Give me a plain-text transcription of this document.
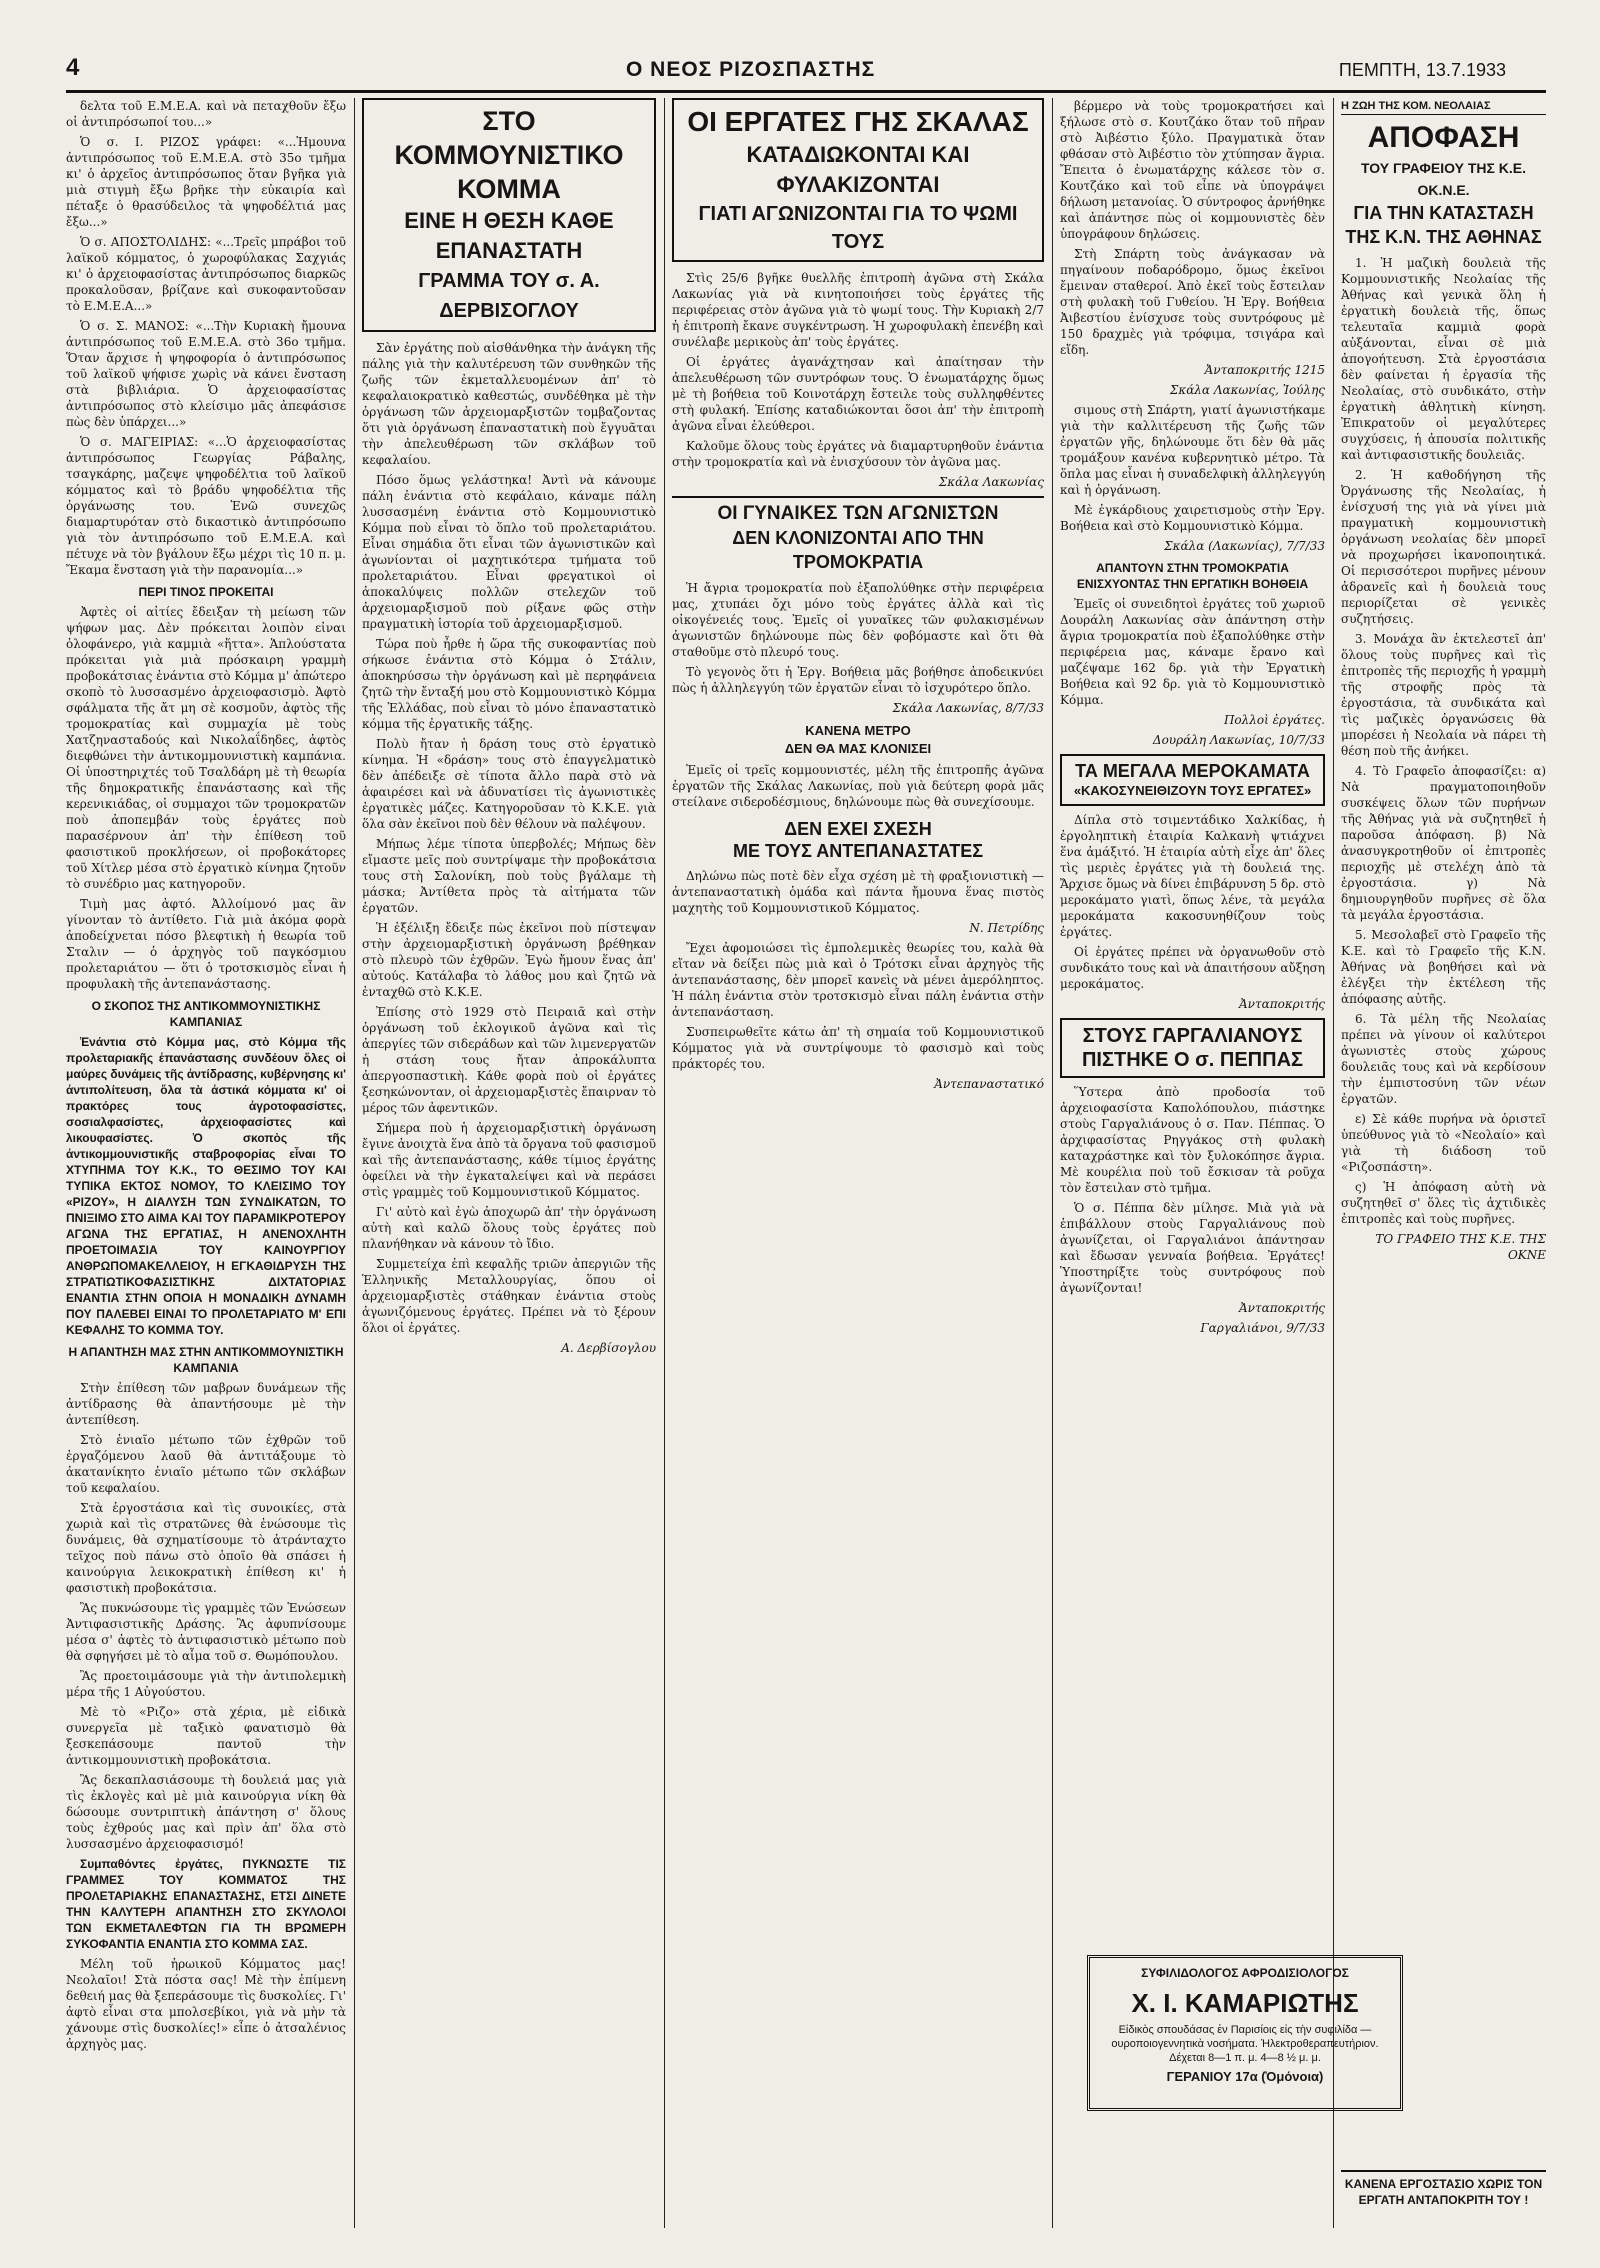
4	Ο ΝΕΟΣ ΡΙΖΟΣΠΑΣΤΗΣ	ΠΕΜΠΤΗ, 13.7.1933

δελτα τοῦ Ε.Μ.Ε.Α. καὶ νὰ πεταχθοῦν ἔξω οἱ ἀντιπρόσωποί του...»

Ὁ σ. Ι. ΡΙΖΟΣ γράφει: «...Ἡμουνα ἀντιπρόσωπος τοῦ Ε.Μ.Ε.Α. στὸ 35ο τμῆμα κι' ὁ ἀρχεῖος ἀντιπρόσωπος ὅταν βγῆκα γιὰ μιὰ στιγμὴ ἔξω βρῆκε τὴν εὐκαιρία καὶ πέταξε ὁ θρασύδειλος τὰ ψηφοδέλτιά μας ἔξω...»

Ὁ σ. ΑΠΟΣΤΟΛΙΔΗΣ: «...Τρεῖς μπράβοι τοῦ λαϊκοῦ κόμματος, ὁ χωροφύλακας Σαχγιάς κι' ὁ ἀρχειοφασίστας ἀντιπρόσωπος διαρκῶς προκαλοῦσαν, βρίζανε καὶ συκοφαντοῦσαν τὸ Ε.Μ.Ε.Α...»

Ὁ σ. Σ. ΜΑΝΟΣ: «...Τὴν Κυριακὴ ἤμουνα ἀντιπρόσωπος τοῦ Ε.Μ.Ε.Α. στὸ 36ο τμῆμα. Ὅταν ἄρχισε ἡ ψηφοφορία ὁ ἀντιπρόσωπος τοῦ λαϊκοῦ ψήφισε χωρὶς νὰ κάνει ἔνσταση στὰ βιβλιάρια. Ὁ ἀρχειοφασίστας ἀντιπρόσωπος στὸ κλείσιμο μᾶς ἀπεφάσισε πὼς δὲν ὑπάρχει...»

Ὁ σ. ΜΑΓΕΙΡΙΑΣ: «...Ὁ ἀρχειοφασίστας ἀντιπρόσωπος Γεωργίας Ράβαλης, τσαγκάρης, μαζεψε ψηφοδέλτια τοῦ λαϊκοῦ κόμματος καὶ τὸ βράδυ ψηφοδέλτια τῆς ὀργάνωσης του. Ἐνῶ συνεχῶς διαμαρτυρόταν στὸ δικαστικὸ ἀντιπρόσωπο γιὰ τὸν ἀντιπρόσωπο τοῦ Ε.Μ.Ε.Α. καὶ πέτυχε νὰ τὸν βγάλουν ἔξω μέχρι τὶς 10 π. μ. Ἔκαμα ἔνσταση γιὰ τὴν παρανομία...»

ΠΕΡΙ ΤΙΝΟΣ ΠΡΟΚΕΙΤΑΙ

Ἀφτὲς οἱ αἰτίες ἔδειξαν τὴ μείωση τῶν ψήφων μας. Δὲν πρόκειται λοιπὸν εἰναι ὁλοφάνερο, γιὰ καμμιὰ «ἥττα». Ἁπλούστατα πρόκειται γιὰ μιὰ πρόσκαιρη γραμμὴ προβοκάτσιας ἐνάντια στὸ Κόμμα μ' ἀπώτερο σκοπὸ τὸ λυσσασμένο ἀρχειοφασισμὸ. Ἀφτὸ σφάλματα τῆς ἄτ μη σὲ κοσμοῦν, ἀφτὸς τῆς τρομοκρατίας καὶ συμμαχία μὲ τοὺς Χατζηνασταδούς καὶ Νικολαΐδηδες, ἀφτὸς διεφθώνει τὴν ἀντικομμουνιστικὴ καμπάνια. Οἱ ὑποστηριχτές τοῦ Τσαλδάρη μὲ τὴ θεωρία τῆς δημοκρατικῆς ἐπανάστασης καὶ τῆς κερενικιάδας, οἱ συμμαχοι τῶν τρομοκρατῶν ποὺ ἀποπεμβάν τοὺς ἐργάτες ποὺ παρασέρνουν ἀπ' τὴν ἐπίθεση τοῦ φασιστικοῦ προκλήσεων, οἱ προβοκάτορες τοῦ Χίτλερ μέσα στὸ ἐργατικὸ κίνημα ζητοῦν τὸ συνέδριο μας κατηγοροῦν.

Τιμὴ μας ἀφτό. Ἀλλοίμονό μας ἂν γίνονταν τὸ ἀντίθετο. Γιὰ μιὰ ἀκόμα φορὰ ἀποδείχνεται πόσο βλεφτικὴ ἡ θεωρία τοῦ Σταλιν — ὁ ἀρχηγὸς τοῦ παγκόσμιου προλεταριάτου — ὅτι ὁ τροτσκισμὸς εἶναι ἡ προφυλακὴ τῆς ἀντεπανάστασης.

Ο ΣΚΟΠΟΣ ΤΗΣ ΑΝΤΙΚΟΜΜΟΥΝΙΣΤΙΚΗΣ ΚΑΜΠΑΝΙΑΣ

Ἐνάντια στὸ Κόμμα μας, στὸ Κόμμα τῆς προλεταριακῆς ἐπανάστασης συνδέουν ὅλες οἱ μαύρες δυνάμεις τῆς ἀντίδρασης, κυβέρνησης κι' ἀντιπολίτευση, ὅλα τὰ ἀστικά κόμματα κι' οἱ πρακτόρες τους ἀγροτοφασίστες, σοσιαλφασίστες, ἀρχειοφασίστες καὶ λικουφασίστες. Ὁ σκοπὸς τῆς ἀντικομμουνιστικῆς σταβροφορίας εἶναι ΤΟ ΧΤΥΠΗΜΑ ΤΟΥ Κ.Κ., ΤΟ ΘΕΣΙΜΟ ΤΟΥ ΚΑΙ ΤΥΠΙΚΑ ΕΚΤΟΣ ΝΟΜΟΥ, ΤΟ ΚΛΕΙΣΙΜΟ ΤΟΥ «ΡΙΖΟΥ», Η ΔΙΑΛΥΣΗ ΤΩΝ ΣΥΝΔΙΚΑΤΩΝ, ΤΟ ΠΝΙΞΙΜΟ ΣΤΟ ΑΙΜΑ ΚΑΙ ΤΟΥ ΠΑΡΑΜΙΚΡΟΤΕΡΟΥ ΑΓΩΝΑ ΤΗΣ ΕΡΓΑΤΙΑΣ, Η ΑΝΕΝΟΧΛΗΤΗ ΠΡΟΕΤΟΙΜΑΣΙΑ ΤΟΥ ΚΑΙΝΟΥΡΓΙΟΥ ΑΝΘΡΩΠΟΜΑΚΕΛΛΕΙΟΥ, Η ΕΓΚΑΘΙΔΡΥΣΗ ΤΗΣ ΣΤΡΑΤΙΩΤΙΚΟΦΑΣΙΣΤΙΚΗΣ ΔΙΧΤΑΤΟΡΙΑΣ ΕΝΑΝΤΙΑ ΣΤΗΝ ΟΠΟΙΑ Η ΜΟΝΑΔΙΚΗ ΔΥΝΑΜΗ ΠΟΥ ΠΑΛΕΒΕΙ ΕΙΝΑΙ ΤΟ ΠΡΟΛΕΤΑΡΙΑΤΟ Μ' ΕΠΙ ΚΕΦΑΛΗΣ ΤΟ ΚΟΜΜΑ ΤΟΥ.

Η ΑΠΑΝΤΗΣΗ ΜΑΣ ΣΤΗΝ ΑΝΤΙΚΟΜΜΟΥΝΙΣΤΙΚΗ ΚΑΜΠΑΝΙΑ

Στὴν ἐπίθεση τῶν μαβρων δυνάμεων τῆς ἀντίδρασης θὰ ἀπαντήσουμε μὲ τὴν ἀντεπίθεση.

Στὸ ἑνιαῖο μέτωπο τῶν ἐχθρῶν τοῦ ἐργαζόμενου λαοῦ θὰ ἀντιτάξουμε τὸ ἀκατανίκητο ἑνιαῖο μέτωπο τῶν σκλάβων τοῦ κεφαλαίου.

Στὰ ἐργοστάσια καὶ τὶς συνοικίες, στὰ χωριὰ καὶ τὶς στρατῶνες θὰ ἐνώσουμε τὶς δυνάμεις, θὰ σχηματίσουμε τὸ ἀτράνταχτο τεῖχος ποὺ πάνω στὸ ὁποῖο θὰ σπάσει ἡ καινούργια λεικοκρατικὴ ἐπίθεση κι' ἡ φασιστικὴ προβοκάτσια.

Ἂς πυκνώσουμε τὶς γραμμὲς τῶν Ἑνώσεων Ἀντιφασιστικῆς Δράσης. Ἂς ἀφυπνίσουμε μέσα σ' ἀφτὲς τὸ ἀντιφασιστικὸ μέτωπο ποὺ θὰ σφηγήσει μὲ τὸ αἷμα τοῦ σ. Θωμόπουλου.

Ἂς προετοιμάσουμε γιὰ τὴν ἀντιπολεμικὴ μέρα τῆς 1 Αὐγούστου.

Μὲ τὸ «Ριζο» στὰ χέρια, μὲ εἰδικὰ συνεργεῖα μὲ ταξικὸ φανατισμὸ θὰ ξεσκεπάσουμε παντοῦ τὴν ἀντικομμουνιστικὴ προβοκάτσια.

Ἂς δεκαπλασιάσουμε τὴ δουλειά μας γιὰ τὶς ἐκλογὲς καὶ μὲ μιὰ καινούργια νίκη θὰ δώσουμε συντριπτικὴ ἀπάντηση σ' ὅλους τοὺς ἐχθρούς μας καὶ πρὶν ἀπ' ὅλα στὸ λυσσασμένο ἀρχειοφασισμό!

Συμπαθόντες ἐργάτες, ΠΥΚΝΩΣΤΕ ΤΙΣ ΓΡΑΜΜΕΣ ΤΟΥ ΚΟΜΜΑΤΟΣ ΤΗΣ ΠΡΟΛΕΤΑΡΙΑΚΗΣ ΕΠΑΝΑΣΤΑΣΗΣ, ΕΤΣΙ ΔΙΝΕΤΕ ΤΗΝ ΚΑΛΥΤΕΡΗ ΑΠΑΝΤΗΣΗ ΣΤΟ ΣΚΥΛΟΛΟΙ ΤΩΝ ΕΚΜΕΤΑΛΕΦΤΩΝ ΓΙΑ ΤΗ ΒΡΩΜΕΡΗ ΣΥΚΟΦΑΝΤΙΑ ΕΝΑΝΤΙΑ ΣΤΟ ΚΟΜΜΑ ΣΑΣ.

Μέλη τοῦ ἡρωικοῦ Κόμματος μας! Νεολαῖοι! Στὰ πόστα σας! Μὲ τὴν ἐπίμενη δεθειή μας θὰ ξεπεράσουμε τὶς δυσκολίες. Γι' ἀφτὸ εἶναι στα μπολσεβίκοι, γιὰ νὰ μὴν τὰ χάνουμε στὶς δυσκολίες!» εἶπε ὁ ἀτσαλένιος ἀρχηγὸς μας.

ΣΤΟ ΚΟΜΜΟΥΝΙΣΤΙΚΟ ΚΟΜΜΑ
ΕΙΝΕ Η ΘΕΣΗ ΚΑΘΕ ΕΠΑΝΑΣΤΑΤΗ
ΓΡΑΜΜΑ ΤΟΥ σ. Α. ΔΕΡΒΙΣΟΓΛΟΥ

Σὰν ἐργάτης ποὺ αἰσθάνθηκα τὴν ἀνάγκη τῆς πάλης γιὰ τὴν καλυτέρευση τῶν συνθηκῶν τῆς ζωῆς τῶν ἐκμεταλλευομένων ἀπ' τὸ κεφαλαιοκρατικὸ καθεστώς, συνδέθηκα μὲ τὴν ὀργάνωση τῶν ἀρχειομαρξιστῶν τομβαζοντας ὅτι γιὰ ὀργάνωση ἐπαναστατικὴ ποὺ ἔγγυᾶται τὴν ἀπελευθέρωση τῶν σκλάβων τοῦ κεφαλαίου.

Πόσο ὅμως γελάστηκα! Ἀντὶ νὰ κάνουμε πάλη ἐνάντια στὸ κεφάλαιο, κάναμε πάλη λυσσασμένη ἐνάντια στὸ Κομμουνιστικὸ Κόμμα ποὺ εἶναι τὸ ὅπλο τοῦ προλεταριάτου. Εἶναι σημάδια ὅτι εἶναι τῶν ἀγωνιστικῶν καὶ ἀγωνίονται οἱ μαχητικότερα τμήματα τοῦ προλεταριάτου. Εἶναι φρεγατικοὶ οἱ ἀποκαλύψεις πολλῶν στελεχῶν τοῦ ἀρχειομαρξισμοῦ ποὺ ρίξανε φῶς στὴν πραγματικὴ ἱστορία τοῦ ἀρχειομαρξισμοῦ.

Τώρα ποὺ ἦρθε ἡ ὥρα τῆς συκοφαντίας ποὺ σήκωσε ἐνάντια στὸ Κόμμα ὁ Στάλιν, ἀποκηρύσσω τὴν ὀργάνωση καὶ μὲ περηφάνεια ζητῶ τὴν ἔνταξή μου στὸ Κομμουνιστικὸ Κόμμα τῆς Ἑλλάδας, ποὺ εἶναι τὸ μόνο ἐπαναστατικὸ κόμμα τῆς ἐργατικῆς τάξης.

Πολὺ ἤταν ἡ δράση τους στὸ ἐργατικὸ κίνημα. Ἡ «δράση» τους στὸ ἐπαγγελματικὸ δὲν ἀπέδειξε σὲ τίποτα ἄλλο παρὰ στὸ νὰ ἀφαιρέσει καὶ νὰ ἀδυνατίσει τὶς ἀγωνιστικὲς ἐργατικὲς μάζες. Κατηγοροῦσαν τὸ Κ.Κ.Ε. γιὰ ὅλα σὰν ἐκεῖνοι ποὺ δὲν θέλουν νὰ παλέψουν.

Μήπως λέμε τίποτα ὑπερβολές; Μήπως δὲν εἴμαστε μεῖς ποὺ συντρίψαμε τὴν προβοκάτσια τους στὴ Σαλονίκη, ποὺ τοὺς βγάλαμε τὴ μάσκα; Ἀντίθετα πρὸς τὰ αἰτήματα τῶν ἐργατῶν.

Ἡ ἐξέλιξη ἔδειξε πὼς ἐκεῖνοι ποὺ πίστεψαν στὴν ἀρχειομαρξιστικὴ ὀργάνωση βρέθηκαν στὸ πλευρὸ τῶν ἐχθρῶν. Ἐγὼ ἤμουν ἕνας ἀπ' αὐτούς. Κατάλαβα τὸ λάθος μου καὶ ζητῶ νὰ ἐνταχθῶ στὸ Κ.Κ.Ε.

Ἐπίσης στὸ 1929 στὸ Πειραιᾶ καὶ στὴν ὀργάνωση τοῦ ἐκλογικοῦ ἀγῶνα καὶ τὶς ἀπεργίες τῶν σιδεράδων καὶ τῶν λιμενεργατῶν ἡ στάση τους ἤταν ἀπροκάλυπτα ἀπεργοσπαστικὴ. Κάθε φορὰ ποὺ οἱ ἐργάτες ξεσηκώνονταν, οἱ ἀρχειομαρξιστὲς ἔπαιρναν τὸ μέρος τῶν ἀφεντικῶν.

Σήμερα ποὺ ἡ ἀρχειομαρξιστικὴ ὀργάνωση ἔγινε ἀνοιχτὰ ἕνα ἀπὸ τὰ ὄργανα τοῦ φασισμοῦ καὶ τῆς ἀντεπανάστασης, κάθε τίμιος ἐργάτης ὀφείλει νὰ τὴν ἐγκαταλείψει καὶ νὰ περάσει στὶς γραμμὲς τοῦ Κομμουνιστικοῦ Κόμματος.

Γι' αὐτὸ καὶ ἐγὼ ἀποχωρῶ ἀπ' τὴν ὀργάνωση αὐτὴ καὶ καλῶ ὅλους τοὺς ἐργάτες ποὺ πλανήθηκαν νὰ κάνουν τὸ ἴδιο.

Συμμετείχα ἐπὶ κεφαλῆς τριῶν ἀπεργιῶν τῆς Ἑλληνικῆς Μεταλλουργίας, ὅπου οἱ ἀρχειομαρξιστὲς στάθηκαν ἐνάντια στοὺς ἀγωνιζόμενους ἐργάτες. Πρέπει νὰ τὸ ξέρουν ὅλοι οἱ ἐργάτες.

Α. Δερβίσογλου

ΟΙ ΕΡΓΑΤΕΣ ΓΗΣ ΣΚΑΛΑΣ
ΚΑΤΑΔΙΩΚΟΝΤΑΙ ΚΑΙ ΦΥΛΑΚΙΖΟΝΤΑΙ
ΓΙΑΤΙ ΑΓΩΝΙΖΟΝΤΑΙ ΓΙΑ ΤΟ ΨΩΜΙ ΤΟΥΣ

Στὶς 25/6 βγῆκε θυελλῆς ἐπιτροπὴ ἀγῶνα στὴ Σκάλα Λακωνίας γιὰ νὰ κινητοποιήσει τοὺς ἐργάτες τῆς περιφέρειας στὸν ἀγῶνα γιὰ τὸ ψωμί τους. Τὴν Κυριακὴ 2/7 ἡ ἐπιτροπὴ ἔκανε συγκέντρωση. Ἡ χωροφυλακὴ ἐπενέβη καὶ συνέλαβε μερικοὺς ἀπ' τοὺς ἐργάτες.

Οἱ ἐργάτες ἀγανάχτησαν καὶ ἀπαίτησαν τὴν ἀπελευθέρωση τῶν συντρόφων τους. Ὁ ἐνωματάρχης ὅμως μὲ τὴ βοήθεια τοῦ Κοινοτάρχη ἔστειλε τοὺς συλληφθέντες στὴ φυλακή. Ἐπίσης καταδιώκονται ὅσοι ἀπ' τὴν ἐπιτροπὴ ἀγῶνα εἶναι ἐλεύθεροι.

Καλοῦμε ὅλους τοὺς ἐργάτες νὰ διαμαρτυρηθοῦν ἐνάντια στὴν τρομοκρατία καὶ νὰ ἐνισχύσουν τὸν ἀγῶνα μας.

Σκάλα Λακωνίας

ΟΙ ΓΥΝΑΙΚΕΣ ΤΩΝ ΑΓΩΝΙΣΤΩΝ
ΔΕΝ ΚΛΟΝΙΖΟΝΤΑΙ ΑΠΟ ΤΗΝ ΤΡΟΜΟΚΡΑΤΙΑ

Ἡ ἄγρια τρομοκρατία ποὺ ἐξαπολύθηκε στὴν περιφέρεια μας, χτυπάει ὄχι μόνο τοὺς ἐργάτες ἀλλὰ καὶ τὶς οἰκογένειές τους. Ἐμεῖς οἱ γυναῖκες τῶν φυλακισμένων ἀγωνιστῶν δηλώνουμε πὼς δὲν φοβόμαστε καὶ ὅτι θὰ σταθοῦμε στὸ πλευρό τους.

Τὸ γεγονὸς ὅτι ἡ Ἐργ. Βοήθεια μᾶς βοήθησε ἀποδεικνύει πὼς ἡ ἀλληλεγγύη τῶν ἐργατῶν εἶναι τὸ ἰσχυρότερο ὅπλο.

Σκάλα Λακωνίας, 8/7/33

ΚΑΝΕΝΑ ΜΕΤΡΟ
ΔΕΝ ΘΑ ΜΑΣ ΚΛΟΝΙΣΕΙ

Ἐμεῖς οἱ τρεῖς κομμουνιστές, μέλη τῆς ἐπιτροπῆς ἀγῶνα ἐργατῶν τῆς Σκάλας Λακωνίας, ποὺ γιὰ δεύτερη φορὰ μᾶς στείλανε σιδεροδέσμιους, δηλώνουμε πὼς θὰ συνεχίσουμε.

ΔΕΝ ΕΧΕΙ ΣΧΕΣΗ
ΜΕ ΤΟΥΣ ΑΝΤΕΠΑΝΑΣΤΑΤΕΣ

Δηλώνω πὼς ποτὲ δὲν εἶχα σχέση μὲ τὴ φραξιονιστικὴ — ἀντεπαναστατικὴ ὁμάδα καὶ πάντα ἤμουνα ἕνας πιστὸς μαχητὴς τοῦ Κομμουνιστικοῦ Κόμματος.

Ν. Πετρίδης

Ἔχει ἀφομοιώσει τὶς ἐμπολεμικὲς θεωρίες του, καλὰ θὰ εἴταν νὰ δείξει πὼς μιὰ καὶ ὁ Τρότσκι εἶναι ἀρχηγὸς τῆς ἀντεπανάστασης, δὲν μπορεῖ κανεὶς νὰ μένει ἀμερόληπτος. Ἡ πάλη ἐνάντια στὸν τροτσκισμὸ εἶναι πάλη ἐνάντια στὴν ἀντεπανάσταση.

Συσπειρωθεῖτε κάτω ἀπ' τὴ σημαία τοῦ Κομμουνιστικοῦ Κόμματος γιὰ νὰ συντρίψουμε τὸ φασισμὸ καὶ τοὺς πράκτορές του.

Ἀντεπαναστατικό

βέρμερο νὰ τοὺς τρομοκρατήσει καὶ ξήλωσε στὸ σ. Κουτζάκο ὅταν τοῦ πῆραν στὸ Ἀιβέστιο ξύλο. Πραγματικὰ ὅταν φθάσαν στὸ Ἀιβέστιο τὸν χτύπησαν ἄγρια. Ἔπειτα ὁ ἐνωματάρχης κάλεσε τὸν σ. Κουτζάκο καὶ τοῦ εἶπε νὰ ὑπογράψει δήλωση μετανοίας. Ὁ σύντροφος ἀρνήθηκε καὶ ἀπάντησε πὼς οἱ κομμουνιστὲς δὲν ὑπογράφουν δηλώσεις.

Στὴ Σπάρτη τοὺς ἀνάγκασαν νὰ πηγαίνουν ποδαρόδρομο, ὅμως ἐκεῖνοι ἔμειναν σταθεροί. Ἀπὸ ἐκεῖ τοὺς ἔστειλαν στὴ φυλακὴ τοῦ Γυθείου. Ἡ Ἐργ. Βοήθεια Ἀιβεστίου ἐνίσχυσε τοὺς συντρόφους μὲ 150 δραχμὲς γιὰ τρόφιμα, τσιγάρα καὶ εἴδη.

Ἀνταποκριτής 1215

Σκάλα Λακωνίας, Ἰούλης

σιμους στὴ Σπάρτη, γιατί ἀγωνιστήκαμε γιὰ τὴν καλλιτέρευση τῆς ζωῆς τῶν ἐργατῶν γῆς, δηλώνουμε ὅτι δὲν θὰ μᾶς τρομάξουν κανένα κυβερνητικὸ μέτρο. Τὰ ὅπλα μας εἶναι ἡ συναδελφικὴ ἀλληλεγγύη καὶ ἡ ὀργάνωση.

Μὲ ἐγκάρδιους χαιρετισμοὺς στὴν Ἐργ. Βοήθεια καὶ στὸ Κομμουνιστικὸ Κόμμα.

Σκάλα (Λακωνίας), 7/7/33

ΑΠΑΝΤΟΥΝ ΣΤΗΝ ΤΡΟΜΟΚΡΑΤΙΑ
ΕΝΙΣΧΥΟΝΤΑΣ ΤΗΝ ΕΡΓΑΤΙΚΗ ΒΟΗΘΕΙΑ

Ἐμεῖς οἱ συνειδητοὶ ἐργάτες τοῦ χωριοῦ Δουράλη Λακωνίας σὰν ἀπάντηση στὴν ἄγρια τρομοκρατία ποὺ ἐξαπολύθηκε στὴν περιφέρεια μας, κάναμε ἔρανο καὶ μαζέψαμε 162 δρ. γιὰ τὴν Ἐργατικὴ Βοήθεια καὶ 92 δρ. γιὰ τὸ Κομμουνιστικὸ Κόμμα.

Πολλοὶ ἐργάτες.

Δουράλη Λακωνίας, 10/7/33

ΤΑ ΜΕΓΑΛΑ ΜΕΡΟΚΑΜΑΤΑ
«ΚΑΚΟΣΥΝΕΙΘΙΖΟΥΝ ΤΟΥΣ ΕΡΓΑΤΕΣ»

Δίπλα στὸ τσιμεντάδικο Χαλκίδας, ἡ ἐργοληπτικὴ ἑταιρία Καλκανὴ ψτιάχνει ἕνα ἀμάξιτό. Ἡ ἑταιρία αὐτὴ εἶχε ἀπ' ὅλες τὶς μεριὲς ἐργάτες γιὰ τὴ δουλειά της. Ἄρχισε ὅμως νὰ δίνει ἐπιβάρυνση 5 δρ. στὸ μεροκάματο γιατὶ, ὅπως λένε, τὰ μεγάλα μεροκάματα κακοσυνηθίζουν τοὺς ἐργάτες.

Οἱ ἐργάτες πρέπει νὰ ὀργανωθοῦν στὸ συνδικάτο τους καὶ νὰ ἀπαιτήσουν αὔξηση μεροκάματος.

Ἀνταποκριτής

ΣΤΟΥΣ ΓΑΡΓΑΛΙΑΝΟΥΣ
ΠΙΣΤΗΚΕ Ο σ. ΠΕΠΠΑΣ

Ὕστερα ἀπὸ προδοσία τοῦ ἀρχειοφασίστα Καπολόπουλου, πιάστηκε στοὺς Γαργαλιάνους ὁ σ. Παν. Πέππας. Ὁ ἀρχιφασίστας Ρηγγάκος στὴ φυλακὴ καταχράστηκε καὶ τὸν ξυλοκόπησε ἄγρια. Μὲ κουρέλια ποὺ τοῦ ἔσκισαν τὰ ροῦχα τὸν ἔστειλαν στὸ τμῆμα.

Ὁ σ. Πέππα δὲν μίλησε. Μιὰ γιὰ νὰ ἐπιβάλλουν στοὺς Γαργαλιάνους ποὺ ἀγωνίζεται, οἱ Γαργαλιάνοι ἀπάντησαν καὶ ἔδωσαν γενναία βοήθεια. Ἐργάτες! Ὑποστηρίξτε τοὺς συντρόφους ποὺ ἀγωνίζονται!

Ἀνταποκριτής

Γαργαλιάνοι, 9/7/33

ΣΥΦΙΛΙΔΟΛΟΓΟΣ ΑΦΡΟΔΙΣΙΟΛΟΓΟΣ
Χ. Ι. ΚΑΜΑΡΙΩΤΗΣ
Εἰδικὸς σπουδάσας ἐν Παρισίοις εἰς τὴν συφιλίδα — ουροποιογεννητικὰ νοσήματα. Ἠλεκτροθεραπευτήριον. Δέχεται 8—1 π. μ. 4—8 ½ μ. μ.
ΓΕΡΑΝΙΟΥ 17α (Ὁμόνοια)
Η ΖΩΗ ΤΗΣ ΚΟΜ. ΝΕΟΛΑΙΑΣ
ΑΠΟΦΑΣΗ
ΤΟΥ ΓΡΑΦΕΙΟΥ ΤΗΣ Κ.Ε. ΟΚ.Ν.Ε.
ΓΙΑ ΤΗΝ ΚΑΤΑΣΤΑΣΗ
ΤΗΣ Κ.Ν. ΤΗΣ ΑΘΗΝΑΣ

1. Ἡ μαζικὴ δουλειὰ τῆς Κομμουνιστικῆς Νεολαίας τῆς Ἀθήνας καὶ γενικὰ ὅλη ἡ ἐργατικὴ δουλειὰ τῆς, ὅπως τελευταῖα καμμιὰ φορὰ αὐξάνονται, εἶναι σὲ μιὰ ἀπογοήτευση. Στὰ ἐργοστάσια δὲν φαίνεται ἡ ἐργασία τῆς Νεολαίας, στὸ συνδικάτο, στὴν ἐργατικὴ ἀθλητικὴ κίνηση. Ἐπικρατοῦν οἱ μεγαλύτερες συγχύσεις, ἡ ἀπουσία πολιτικῆς καὶ ἀντιφασιστικῆς δουλειᾶς.

2. Ἡ καθοδήγηση τῆς Ὀργάνωσης τῆς Νεολαίας, ἡ ἐνίσχυσή της γιὰ νὰ γίνει μιὰ πραγματικὴ κομμουνιστικὴ ὀργάνωση νεολαίας δὲν μπορεῖ νὰ προχωρήσει ἱκανοποιητικά. Οἱ περισσότεροι πυρῆνες μένουν ἀδρανεῖς καὶ ἡ δουλειὰ τους περιορίζεται σὲ γενικὲς συζητήσεις.

3. Μονάχα ἂν ἐκτελεστεῖ ἀπ' ὅλους τοὺς πυρῆνες καὶ τὶς ἐπιτροπὲς τῆς περιοχῆς ἡ γραμμὴ τῆς στροφῆς πρὸς τὰ ἐργοστάσια, τὰ συνδικάτα καὶ τὶς μαζικὲς ὀργανώσεις θὰ μπορέσει ἡ Νεολαία νὰ πάρει τὴ θέση ποὺ τῆς ἀνήκει.

4. Τὸ Γραφεῖο ἀποφασίζει: α) Νὰ πραγματοποιηθοῦν συσκέψεις ὅλων τῶν πυρήνων τῆς Ἀθήνας γιὰ νὰ συζητηθεῖ ἡ παροῦσα ἀπόφαση. β) Νὰ ἀνασυγκροτηθοῦν οἱ ἐπιτροπὲς περιοχῆς μὲ στελέχη ἀπὸ τὰ ἐργοστάσια. γ) Νὰ δημιουργηθοῦν πυρῆνες σὲ ὅλα τὰ μεγάλα ἐργοστάσια.

5. Μεσολαβεῖ στὸ Γραφεῖο τῆς Κ.Ε. καὶ τὸ Γραφεῖο τῆς Κ.Ν. Ἀθήνας νὰ βοηθήσει καὶ νὰ ἐλέγξει τὴν ἐκτέλεση τῆς ἀπόφασης αὐτῆς.

6. Τὰ μέλη τῆς Νεολαίας πρέπει νὰ γίνουν οἱ καλύτεροι ἀγωνιστὲς στοὺς χώρους δουλειᾶς τους καὶ νὰ κερδίσουν τὴν ἐμπιστοσύνη τῶν νέων ἐργατῶν.

ε) Σὲ κάθε πυρήνα νὰ ὁριστεῖ ὑπεύθυνος γιὰ τὸ «Νεολαίο» καὶ γιὰ τὴ διάδοση τοῦ «Ριζοσπάστη».

ς) Ἡ ἀπόφαση αὐτὴ νὰ συζητηθεῖ σ' ὅλες τὶς ἀχτιδικὲς ἐπιτροπὲς καὶ τοὺς πυρῆνες.

ΤΟ ΓΡΑΦΕΙΟ ΤΗΣ Κ.Ε. ΤΗΣ ΟΚΝΕ

ΚΑΝΕΝΑ ΕΡΓΟΣΤΑΣΙΟ ΧΩΡΙΣ ΤΟΝ ΕΡΓΑΤΗ ΑΝΤΑΠΟΚΡΙΤΗ ΤΟΥ !
